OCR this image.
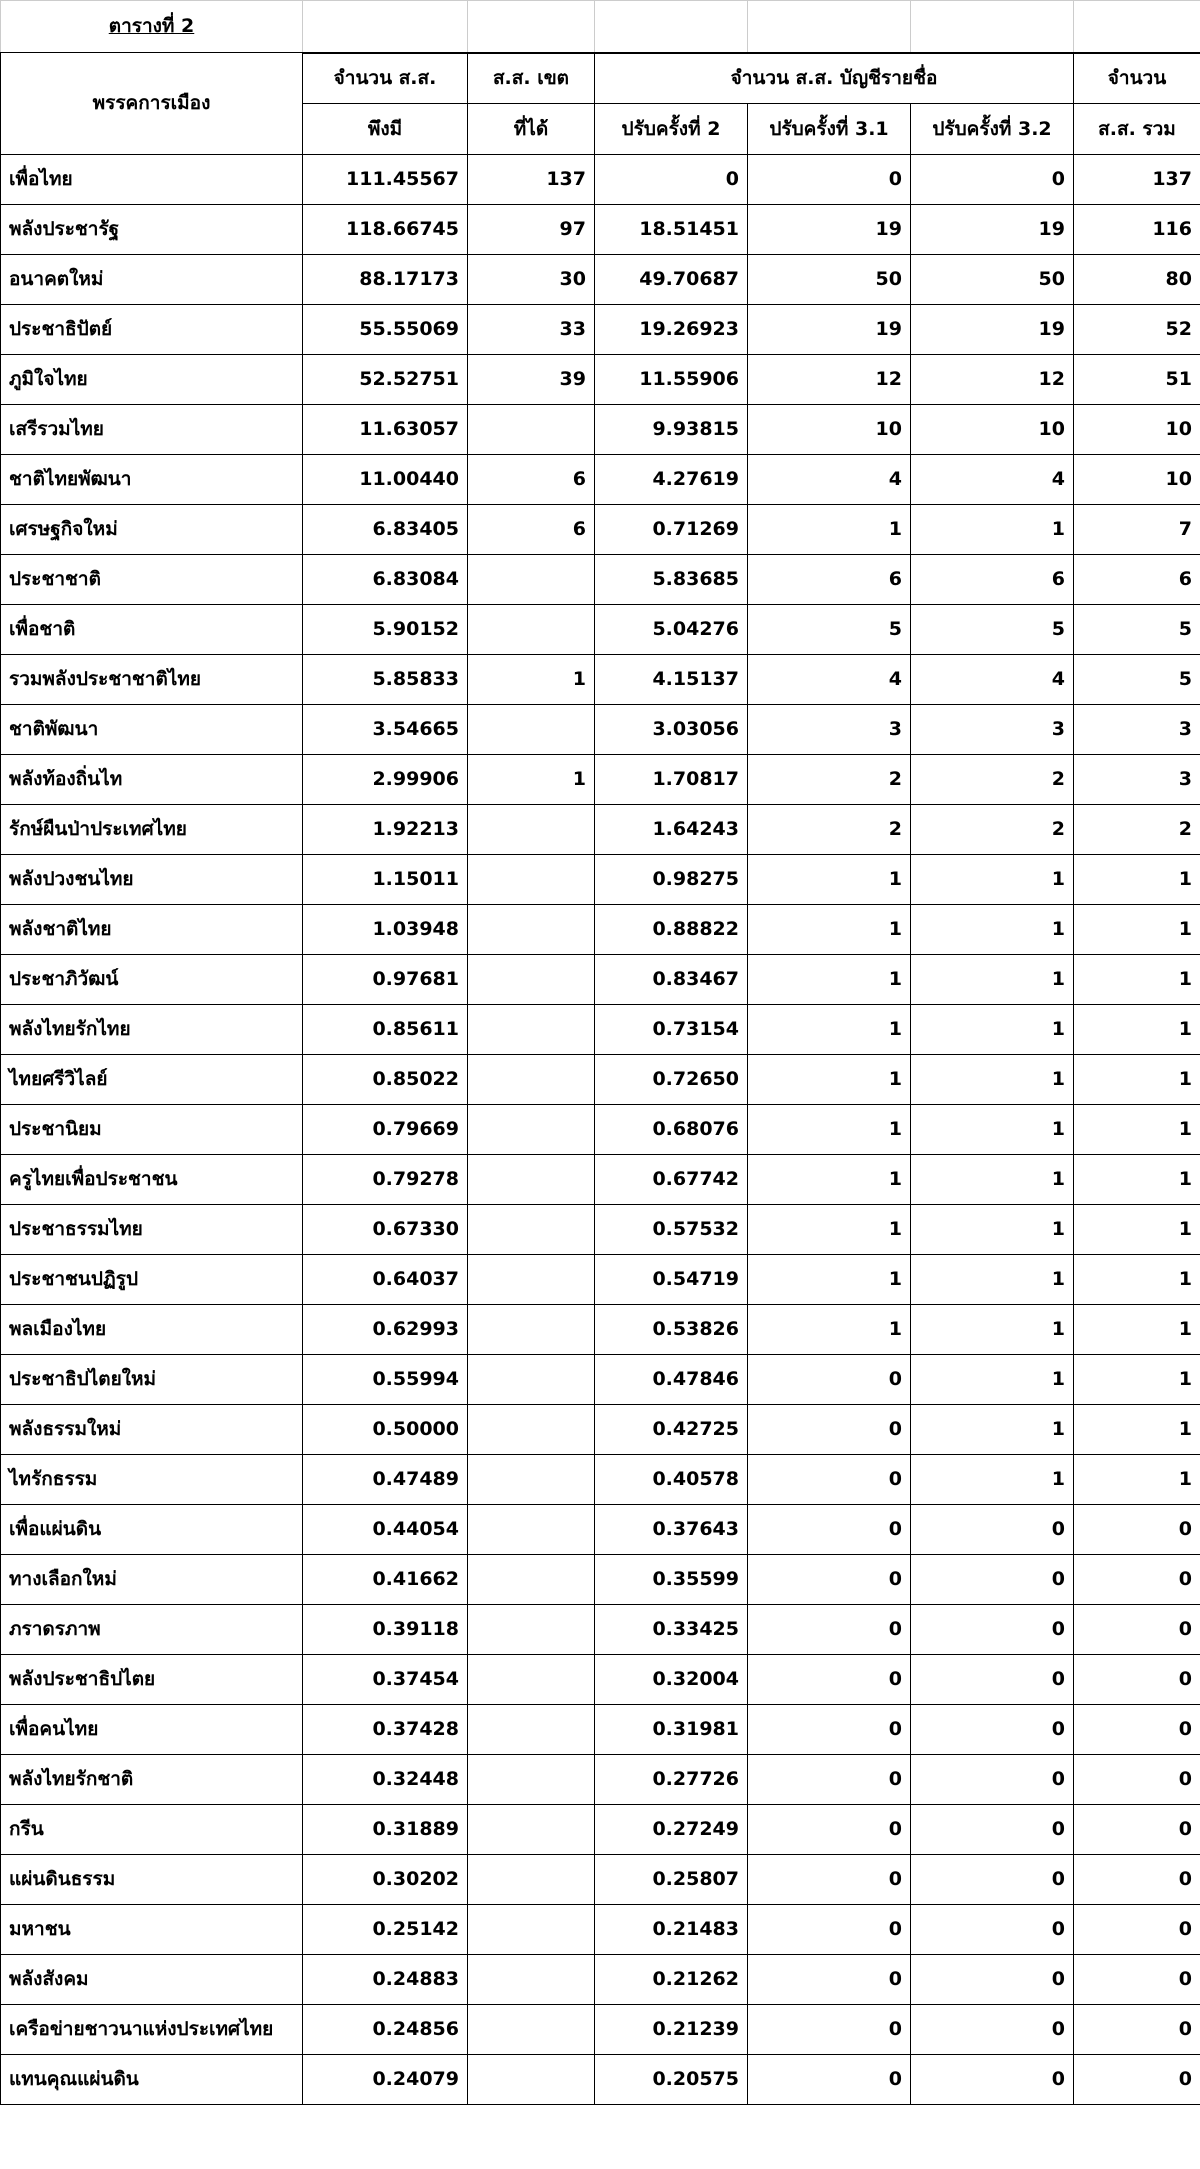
ตารางที่ 2						
พรรคการเมือง	จำนวน ส.ส.	ส.ส. เขต	จำนวน ส.ส. บัญชีรายชื่อ			จำนวน
	พึงมี	ที่ได้	ปรับครั้งที่ 2	ปรับครั้งที่ 3.1	ปรับครั้งที่ 3.2	ส.ส. รวม
เพื่อไทย	111.45567	137	0	0	0	137
พลังประชารัฐ	118.66745	97	18.51451	19	19	116
อนาคตใหม่	88.17173	30	49.70687	50	50	80
ประชาธิปัตย์	55.55069	33	19.26923	19	19	52
ภูมิใจไทย	52.52751	39	11.55906	12	12	51
เสรีรวมไทย	11.63057		9.93815	10	10	10
ชาติไทยพัฒนา	11.00440	6	4.27619	4	4	10
เศรษฐกิจใหม่	6.83405	6	0.71269	1	1	7
ประชาชาติ	6.83084		5.83685	6	6	6
เพื่อชาติ	5.90152		5.04276	5	5	5
รวมพลังประชาชาติไทย	5.85833	1	4.15137	4	4	5
ชาติพัฒนา	3.54665		3.03056	3	3	3
พลังท้องถิ่นไท	2.99906	1	1.70817	2	2	3
รักษ์ผืนป่าประเทศไทย	1.92213		1.64243	2	2	2
พลังปวงชนไทย	1.15011		0.98275	1	1	1
พลังชาติไทย	1.03948		0.88822	1	1	1
ประชาภิวัฒน์	0.97681		0.83467	1	1	1
พลังไทยรักไทย	0.85611		0.73154	1	1	1
ไทยศรีวิไลย์	0.85022		0.72650	1	1	1
ประชานิยม	0.79669		0.68076	1	1	1
ครูไทยเพื่อประชาชน	0.79278		0.67742	1	1	1
ประชาธรรมไทย	0.67330		0.57532	1	1	1
ประชาชนปฏิรูป	0.64037		0.54719	1	1	1
พลเมืองไทย	0.62993		0.53826	1	1	1
ประชาธิปไตยใหม่	0.55994		0.47846	0	1	1
พลังธรรมใหม่	0.50000		0.42725	0	1	1
ไทรักธรรม	0.47489		0.40578	0	1	1
เพื่อแผ่นดิน	0.44054		0.37643	0	0	0
ทางเลือกใหม่	0.41662		0.35599	0	0	0
ภราดรภาพ	0.39118		0.33425	0	0	0
พลังประชาธิปไตย	0.37454		0.32004	0	0	0
เพื่อคนไทย	0.37428		0.31981	0	0	0
พลังไทยรักชาติ	0.32448		0.27726	0	0	0
กรีน	0.31889		0.27249	0	0	0
แผ่นดินธรรม	0.30202		0.25807	0	0	0
มหาชน	0.25142		0.21483	0	0	0
พลังสังคม	0.24883		0.21262	0	0	0
เครือข่ายชาวนาแห่งประเทศไทย	0.24856		0.21239	0	0	0
แทนคุณแผ่นดิน	0.24079		0.20575	0	0	0
